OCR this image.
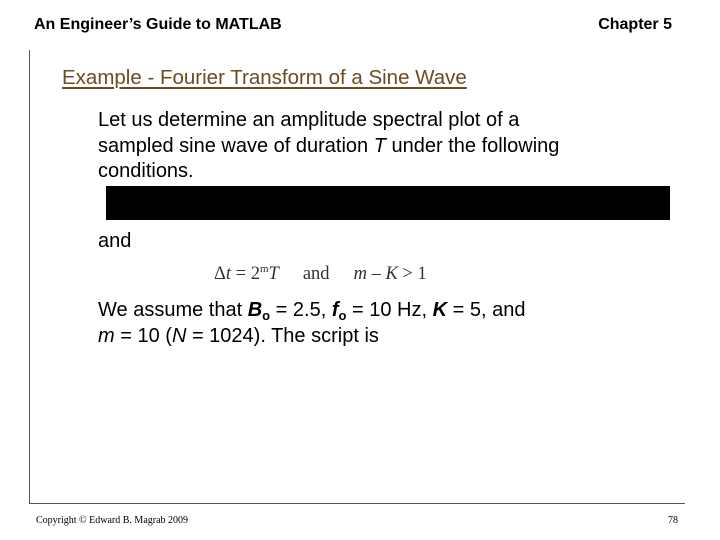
An Engineer’s Guide to MATLAB	Chapter 5
Example - Fourier Transform of a Sine Wave
Let us determine an amplitude spectral plot of a
sampled sine wave of duration T under the following
conditions.
and
$\Delta t = 2^mT$ and m – K > 1
We assume that $B_o = 2.5$, $f_o = 10$ Hz, K = 5, and
m = 10 (N = 1024). The script is
Copyright © Edward B. Magrab 2009	78
